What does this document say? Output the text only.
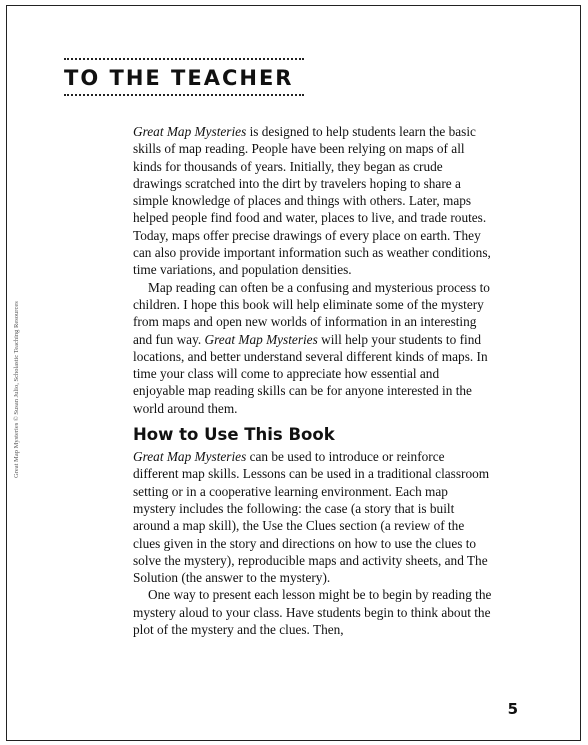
TO THE TEACHER
Great Map Mysteries © Susan Julio, Scholastic Teaching Resources

Great Map Mysteries is designed to help students learn the basic skills of map reading. People have been relying on maps of all kinds for thousands of years. Initially, they began as crude drawings scratched into the dirt by travelers hoping to share a simple knowledge of places and things with others. Later, maps helped people find food and water, places to live, and trade routes. Today, maps offer precise drawings of every place on earth. They can also provide important information such as weather conditions, time variations, and population densities.

Map reading can often be a confusing and mysterious process to children. I hope this book will help eliminate some of the mystery from maps and open new worlds of information in an interesting and fun way. Great Map Mysteries will help your students to find locations, and better understand several different kinds of maps. In time your class will come to appreciate how essential and enjoyable map reading skills can be for anyone interested in the world around them.

How to Use This Book

Great Map Mysteries can be used to introduce or reinforce different map skills. Lessons can be used in a traditional classroom setting or in a cooperative learning environment. Each map mystery includes the following: the case (a story that is built around a map skill), the Use the Clues section (a review of the clues given in the story and directions on how to use the clues to solve the mystery), reproducible maps and activity sheets, and The Solution (the answer to the mystery).

One way to present each lesson might be to begin by reading the mystery aloud to your class. Have students begin to think about the plot of the mystery and the clues. Then,

5
